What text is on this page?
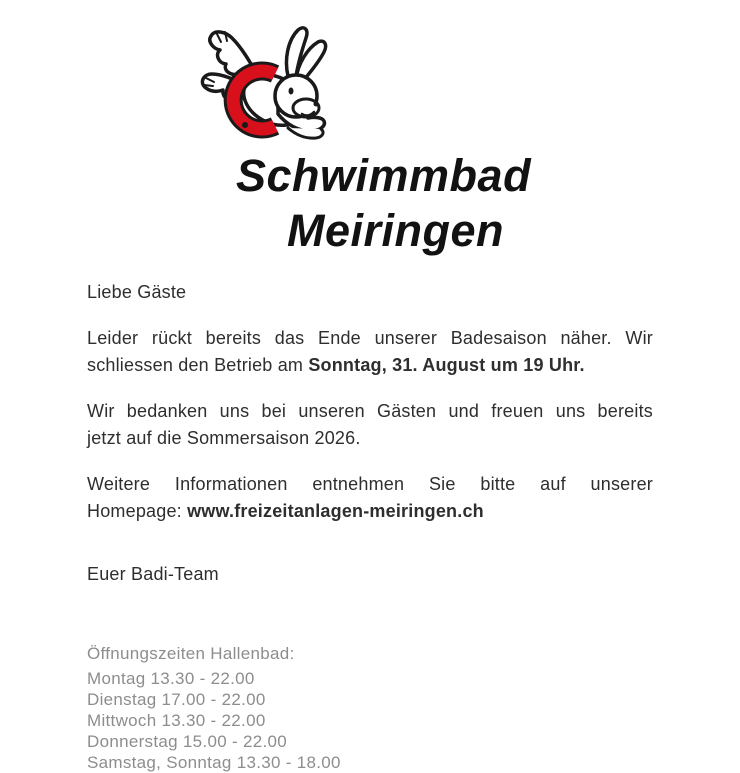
Schwimmbad
Meiringen
Liebe Gäste
Leider rückt bereits das Ende unserer Badesaison näher. Wir
schliessen den Betrieb am Sonntag, 31. August um 19 Uhr.
Wir bedanken uns bei unseren Gästen und freuen uns bereits
jetzt auf die Sommersaison 2026.
Weitere Informationen entnehmen Sie bitte auf unserer
Homepage: www.freizeitanlagen-meiringen.ch
Euer Badi-Team
Öffnungszeiten Hallenbad:
Montag 13.30 - 22.00
Dienstag 17.00 - 22.00
Mittwoch 13.30 - 22.00
Donnerstag 15.00 - 22.00
Samstag, Sonntag 13.30 - 18.00
